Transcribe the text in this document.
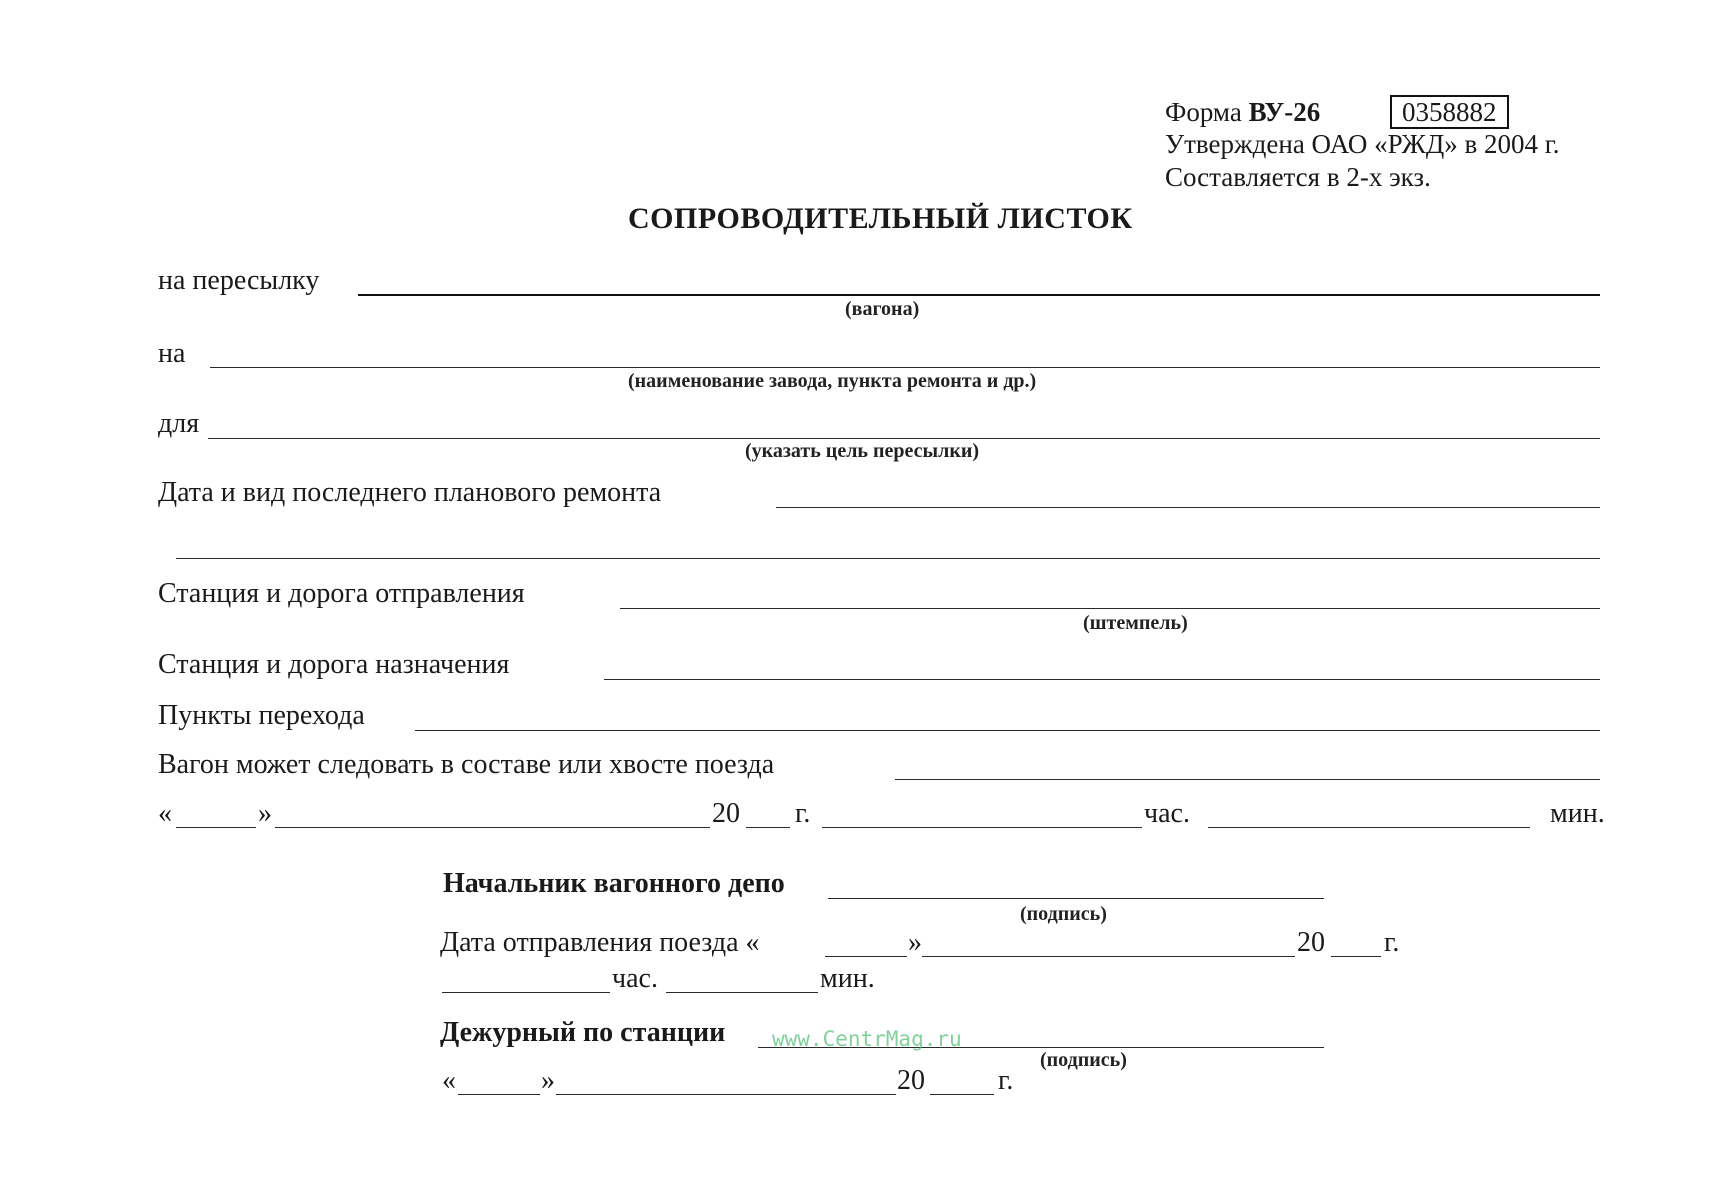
Форма ВУ-26	0358882
Утверждена ОАО «РЖД» в 2004 г.
Составляется в 2-х экз.
СОПРОВОДИТЕЛЬНЫЙ ЛИСТОК
на пересылку
(вагона)
на
(наименование завода, пункта ремонта и др.)
для
(указать цель пересылки)
Дата и вид последнего планового ремонта
Станция и дорога отправления
(штемпель)
Станция и дорога назначения
Пункты перехода
Вагон может следовать в составе или хвосте поезда
«	»	20 г.	час.	мин.
Начальник вагонного депо
(подпись)
Дата отправления поезда «	»	20 г.
час.	мин.
Дежурный по станции www.CentrMag.ru
(подпись)
«	»	20	г.
